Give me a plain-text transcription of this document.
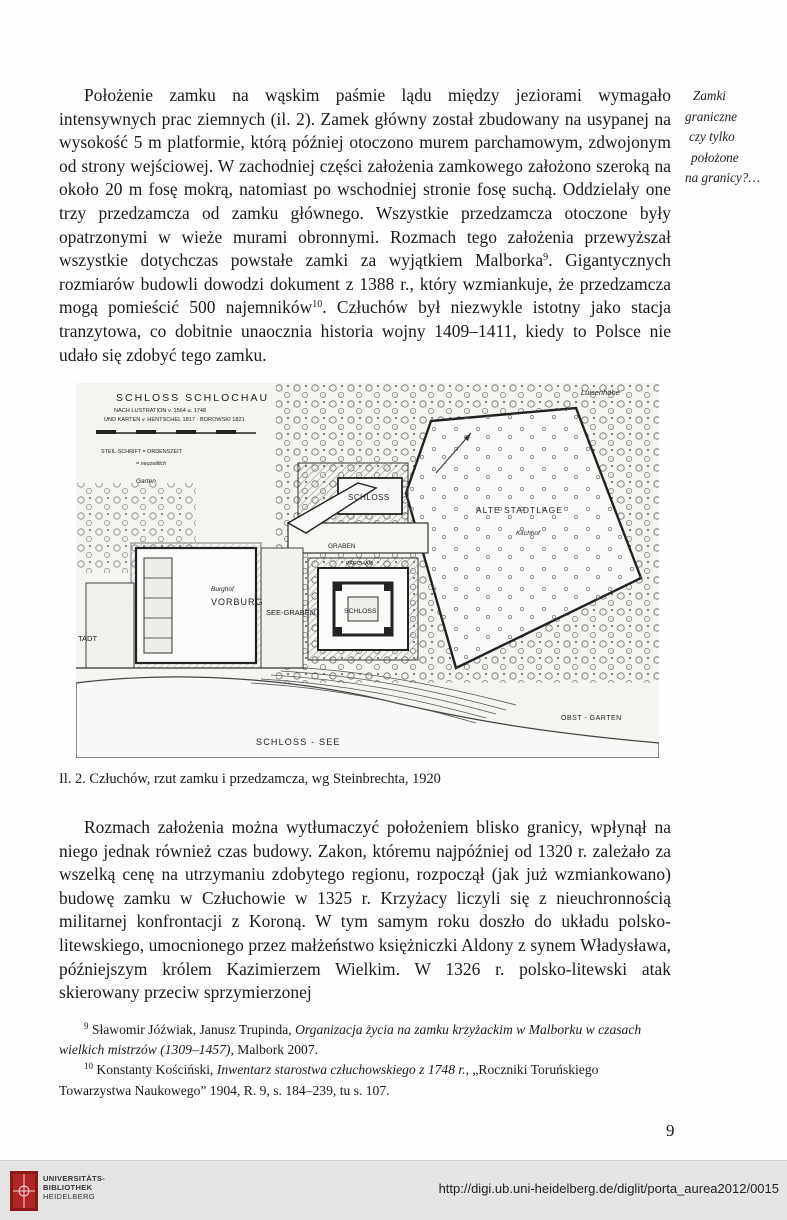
Położenie zamku na wąskim paśmie lądu między jeziorami wymagało intensywnych prac ziemnych (il. 2). Zamek główny został zbudowany na usypanej na wysokość 5 m platformie, którą później otoczono murem parchamowym, zdwojonym od strony wejściowej. W zachodniej części założenia zamkowego założono szeroką na około 20 m fosę mokrą, natomiast po wschodniej stronie fosę suchą. Oddzielały one trzy przedzamcza od zamku głównego. Wszystkie przedzamcza otoczone były opatrzonymi w wieże murami obronnymi. Rozmach tego założenia przewyższał wszystkie dotychczas powstałe zamki za wyjątkiem Malborka$^9$. Gigantycznych rozmiarów budowli dowodzi dokument z 1388 r., który wzmiankuje, że przedzamcza mogą pomieścić 500 najemników$^{10}$. Człuchów był niezwykle istotny jako stacja tranzytowa, co dobitnie unaocznia historia wojny 1409–1411, kiedy to Polsce nie udało się zdobyć tego zamku.

Zamki
graniczne
czy tylko
położone
na granicy?…
SCHLOSS SCHLOCHAU
NACH LUSTRATION v. 1564 u. 1748
UND KARTEN v. HENTSCHEL 1817 · BOROWSKI 1821
STEIL-SCHRIFT = ORDENSZEIT
= neuzeitlich
Garten
VORBURG
Burghof
SEE-GRABEN
TADT
SCHLOSS
SCHLOSS
GRABEN
PARCHAM
ALTE STADTLAGE
Kirchhof
Luisenhöhe
OBST - GARTEN
SCHLOSS - SEE
Il. 2. Człuchów, rzut zamku i przedzamcza, wg Steinbrechta, 1920

Rozmach założenia można wytłumaczyć położeniem blisko granicy, wpłynął na niego jednak również czas budowy. Zakon, któremu najpóźniej od 1320 r. zależało za wszelką cenę na utrzymaniu zdobytego regionu, rozpoczął (jak już wzmiankowano) budowę zamku w Człuchowie w 1325 r. Krzyżacy liczyli się z nieuchronnością militarnej konfrontacji z Koroną. W tym samym roku doszło do układu polsko-litewskiego, umocnionego przez małżeństwo księżniczki Aldony z synem Władysława, późniejszym królem Kazimierzem Wielkim. W 1326 r. polsko-litewski atak skierowany przeciw sprzymierzonej

$^9$ Sławomir Jóźwiak, Janusz Trupinda, Organizacja życia na zamku krzyżackim w Malborku w czasach wielkich mistrzów (1309–1457), Malbork 2007.

$^{10}$ Konstanty Kościński, Inwentarz starostwa człuchowskiego z 1748 r., „Roczniki Toruńskiego Towarzystwa Naukowego” 1904, R. 9, s. 184–239, tu s. 107.

9
UNIVERSITÄTS-
BIBLIOTHEK
HEIDELBERG
http://digi.ub.uni-heidelberg.de/diglit/porta_aurea2012/0015
